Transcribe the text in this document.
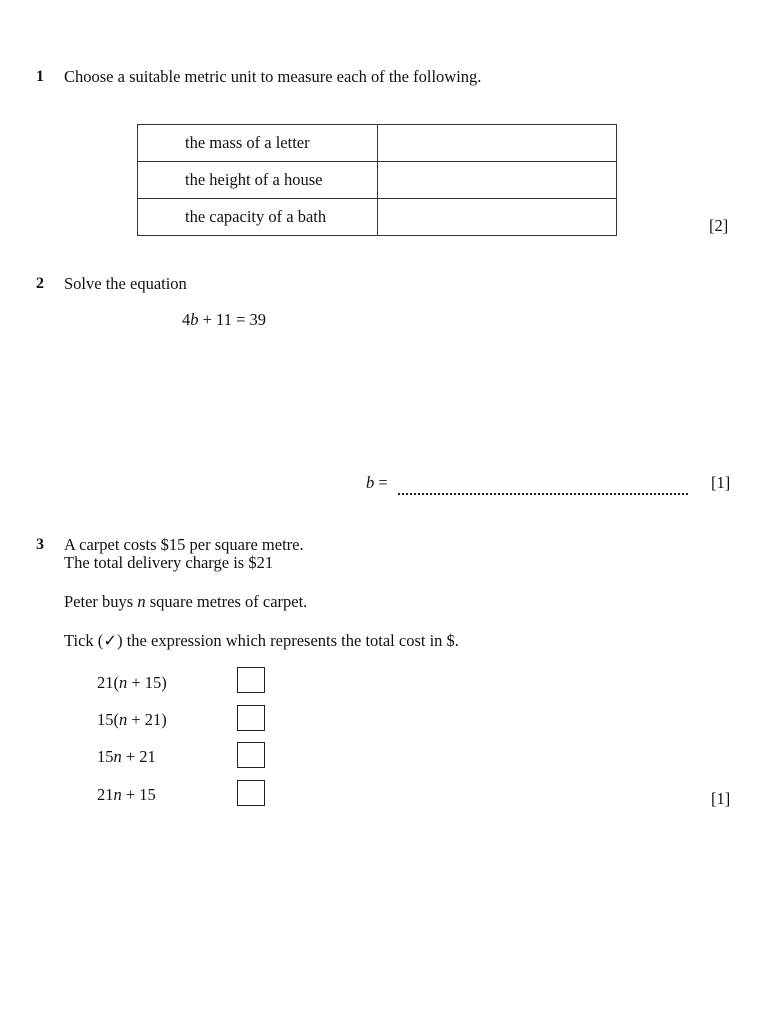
1 Choose a suitable metric unit to measure each of the following.
the mass of a letter	
the height of a house	
the capacity of a bath		[2]
2 Solve the equation
4b + 11 = 39
b =	[1]
3 A carpet costs $15 per square metre.
The total delivery charge is $21
Peter buys n square metres of carpet.
Tick (✓) the expression which represents the total cost in $.
21(n + 15)
15(n + 21)
15n + 21
21n + 15	[1]
